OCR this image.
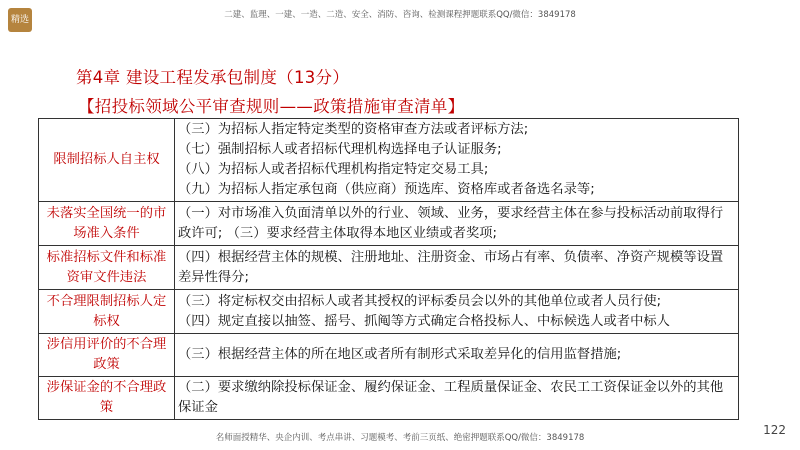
精选	二建、监理、一建、一造、二造、安全、消防、咨询、检测课程押题联系QQ/微信：3849178
第4章 建设工程发承包制度（13分）
【招投标领域公平审查规则——政策措施审查清单】
限制招标人自主权	（三）为招标人指定特定类型的资格审查方法或者评标方法;
（七）强制招标人或者招标代理机构选择电子认证服务;
（八）为招标人或者招标代理机构指定特定交易工具;
（九）为招标人指定承包商（供应商）预选库、资格库或者备选名录等;

未落实全国统一的市场准入条件	（一）对市场准入负面清单以外的行业、领域、业务，要求经营主体在参与投标活动前取得行政许可; （三）要求经营主体取得本地区业绩或者奖项;

标准招标文件和标准资审文件违法	（四）根据经营主体的规模、注册地址、注册资金、市场占有率、负债率、净资产规模等设置差异性得分;

不合理限制招标人定标权	（三）将定标权交由招标人或者其授权的评标委员会以外的其他单位或者人员行使;
（四）规定直接以抽签、摇号、抓阄等方式确定合格投标人、中标候选人或者中标人

涉信用评价的不合理政策	（三）根据经营主体的所在地区或者所有制形式采取差异化的信用监督措施;

涉保证金的不合理政策	（二）要求缴纳除投标保证金、履约保证金、工程质量保证金、农民工工资保证金以外的其他保证金
名师面授精华、央企内训、考点串讲、习题模考、考前三页纸、绝密押题联系QQ/微信：3849178
122
